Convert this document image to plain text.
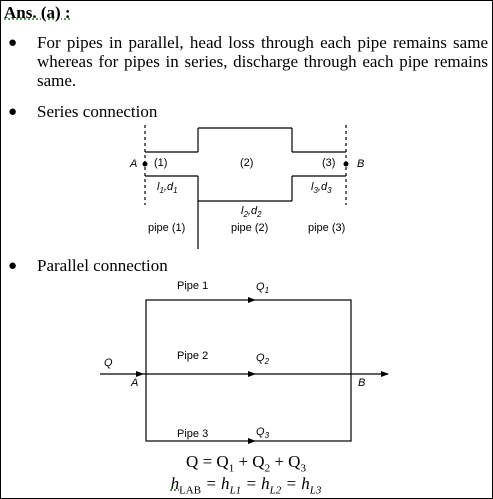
Ans. (a) :
● For pipes in parallel, head loss through each pipe remains same whereas for pipes in series, discharge through each pipe remains same.
● Series connection
● Parallel connection
A	B
(1)	(2)	(3)
$l_1,d_1$
$l_2,d_2$
$l_3,d_3$
pipe (1)	pipe (2)	pipe (3)
Pipe 1	$Q_1$
Pipe 2	$Q_2$
Pipe 3	$Q_3$
Q
A	B
$Q = Q_1 + Q_2 + Q_3$
$h_{LAB} = h_{L1} = h_{L2} = h_{L3}$
